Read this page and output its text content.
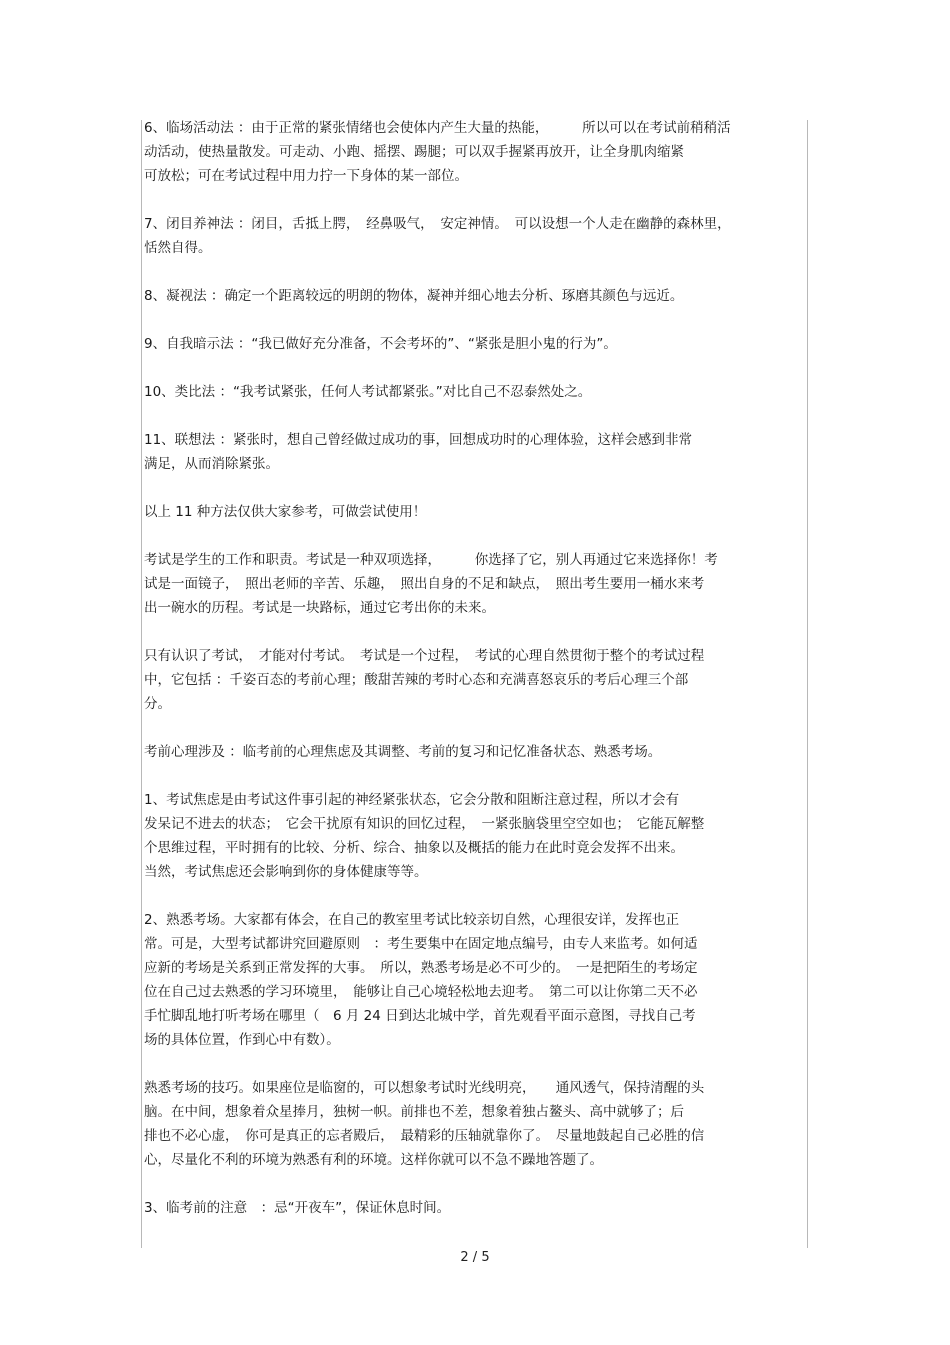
6、临场活动法 ：由于正常的紧张情绪也会使体内产生大量的热能，　　　所以可以在考试前稍稍活
动活动，使热量散发。可走动、小跑、摇摆、踢腿；可以双手握紧再放开，让全身肌肉缩紧
可放松；可在考试过程中用力拧一下身体的某一部位。
7、闭目养神法 ：闭目，舌抵上腭，　经鼻吸气，　安定神情。　可以设想一个人走在幽静的森林里，
恬然自得。
8、凝视法 ：确定一个距离较远的明朗的物体，凝神并细心地去分析、琢磨其颜色与远近。
9、自我暗示法 ：“我已做好充分准备，不会考坏的”、“紧张是胆小鬼的行为”。
10、类比法 ：“我考试紧张，任何人考试都紧张。”对比自己不忍泰然处之。
11、联想法 ：紧张时，想自己曾经做过成功的事，回想成功时的心理体验，这样会感到非常
满足，从而消除紧张。
以上 11 种方法仅供大家参考，可做尝试使用！
考试是学生的工作和职责。考试是一种双项选择，　　　你选择了它，别人再通过它来选择你！考
试是一面镜子，　照出老师的辛苦、乐趣，　照出自身的不足和缺点，　照出考生要用一桶水来考
出一碗水的历程。考试是一块路标，通过它考出你的未来。
只有认识了考试，　才能对付考试。　考试是一个过程，　考试的心理自然贯彻于整个的考试过程
中，它包括 ：千姿百态的考前心理；酸甜苦辣的考时心态和充满喜怒哀乐的考后心理三个部
分。
考前心理涉及 ：临考前的心理焦虑及其调整、考前的复习和记忆准备状态、熟悉考场。
1、考试焦虑是由考试这件事引起的神经紧张状态，它会分散和阻断注意过程，所以才会有
发呆记不进去的状态；　它会干扰原有知识的回忆过程，　一紧张脑袋里空空如也；　它能瓦解整
个思维过程，平时拥有的比较、分析、综合、抽象以及概括的能力在此时竟会发挥不出来。
当然，考试焦虑还会影响到你的身体健康等等。
2、熟悉考场。大家都有体会，在自己的教室里考试比较亲切自然，心理很安详，发挥也正
常。可是，大型考试都讲究回避原则　：考生要集中在固定地点编号，由专人来监考。如何适
应新的考场是关系到正常发挥的大事。　所以，熟悉考场是必不可少的。　一是把陌生的考场定
位在自己过去熟悉的学习环境里，　能够让自己心境轻松地去迎考。　第二可以让你第二天不必
手忙脚乱地打听考场在哪里（　6 月 24 日到达北城中学，首先观看平面示意图，寻找自己考
场的具体位置，作到心中有数）。
熟悉考场的技巧。如果座位是临窗的，可以想象考试时光线明亮，　　通风透气，保持清醒的头
脑。在中间，想象着众星捧月，独树一帜。前排也不差，想象着独占鳌头、高中就够了；后
排也不必心虚，　你可是真正的忘者殿后，　最精彩的压轴就靠你了。　尽量地鼓起自己必胜的信
心，尽量化不利的环境为熟悉有利的环境。这样你就可以不急不躁地答题了。
3、临考前的注意　：忌“开夜车”，保证休息时间。
2 / 5
